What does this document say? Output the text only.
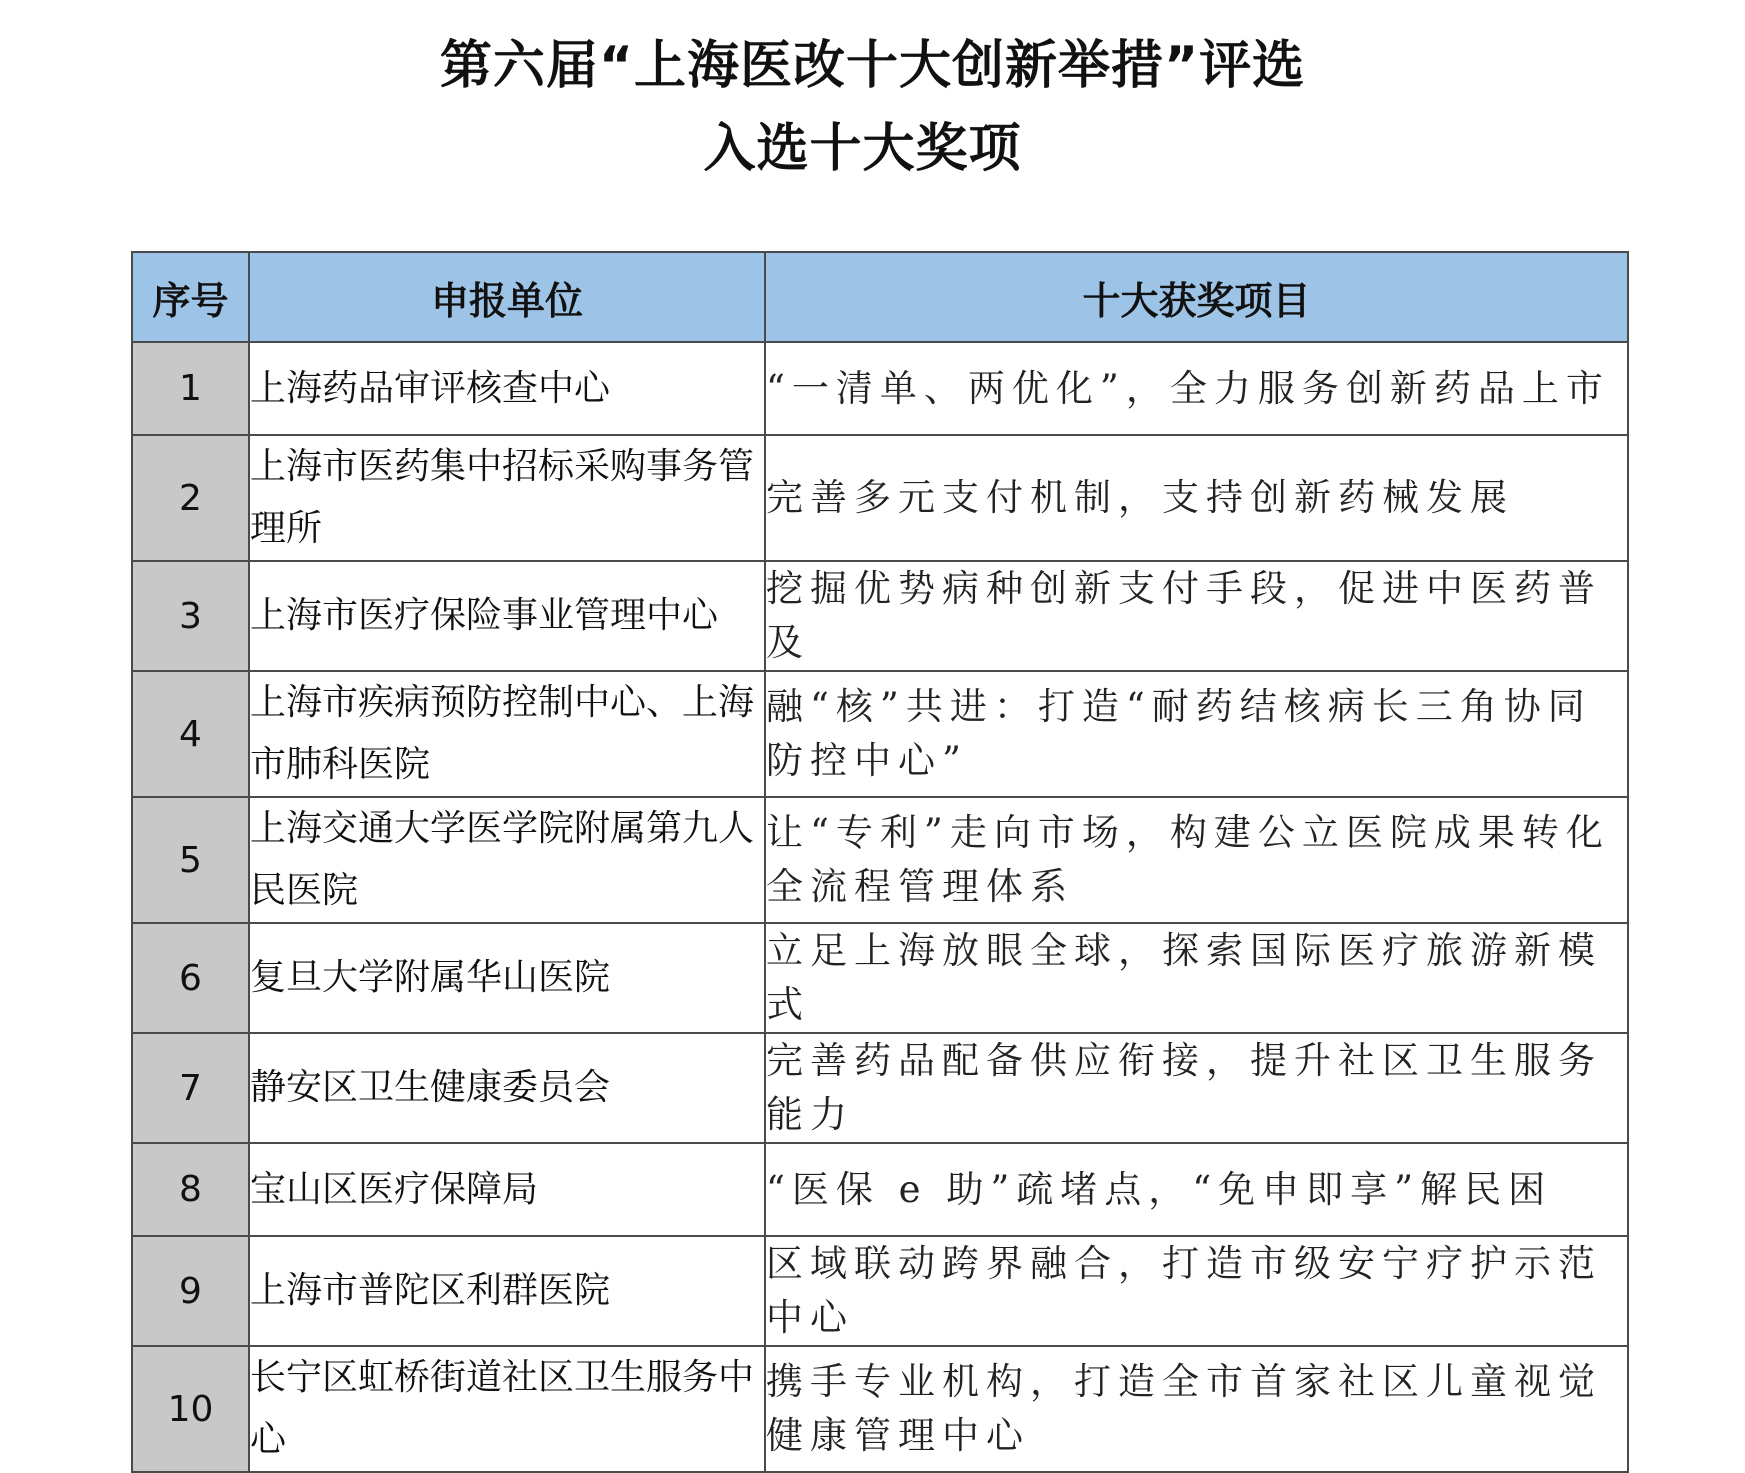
第六届“上海医改十大创新举措”评选
入选十大奖项
序号	申报单位	十大获奖项目
1	上海药品审评核查中心	“一清单、两优化”，全力服务创新药品上市
2	上海市医药集中招标采购事务管理所	完善多元支付机制，支持创新药械发展
3	上海市医疗保险事业管理中心	挖掘优势病种创新支付手段，促进中医药普及
4	上海市疾病预防控制中心、上海市肺科医院	融“核”共进：打造“耐药结核病长三角协同防控中心”
5	上海交通大学医学院附属第九人民医院	让“专利”走向市场，构建公立医院成果转化全流程管理体系
6	复旦大学附属华山医院	立足上海放眼全球，探索国际医疗旅游新模式
7	静安区卫生健康委员会	完善药品配备供应衔接，提升社区卫生服务能力
8	宝山区医疗保障局	“医保 e 助”疏堵点，“免申即享”解民困
9	上海市普陀区利群医院	区域联动跨界融合，打造市级安宁疗护示范中心
10	长宁区虹桥街道社区卫生服务中心	携手专业机构，打造全市首家社区儿童视觉健康管理中心
